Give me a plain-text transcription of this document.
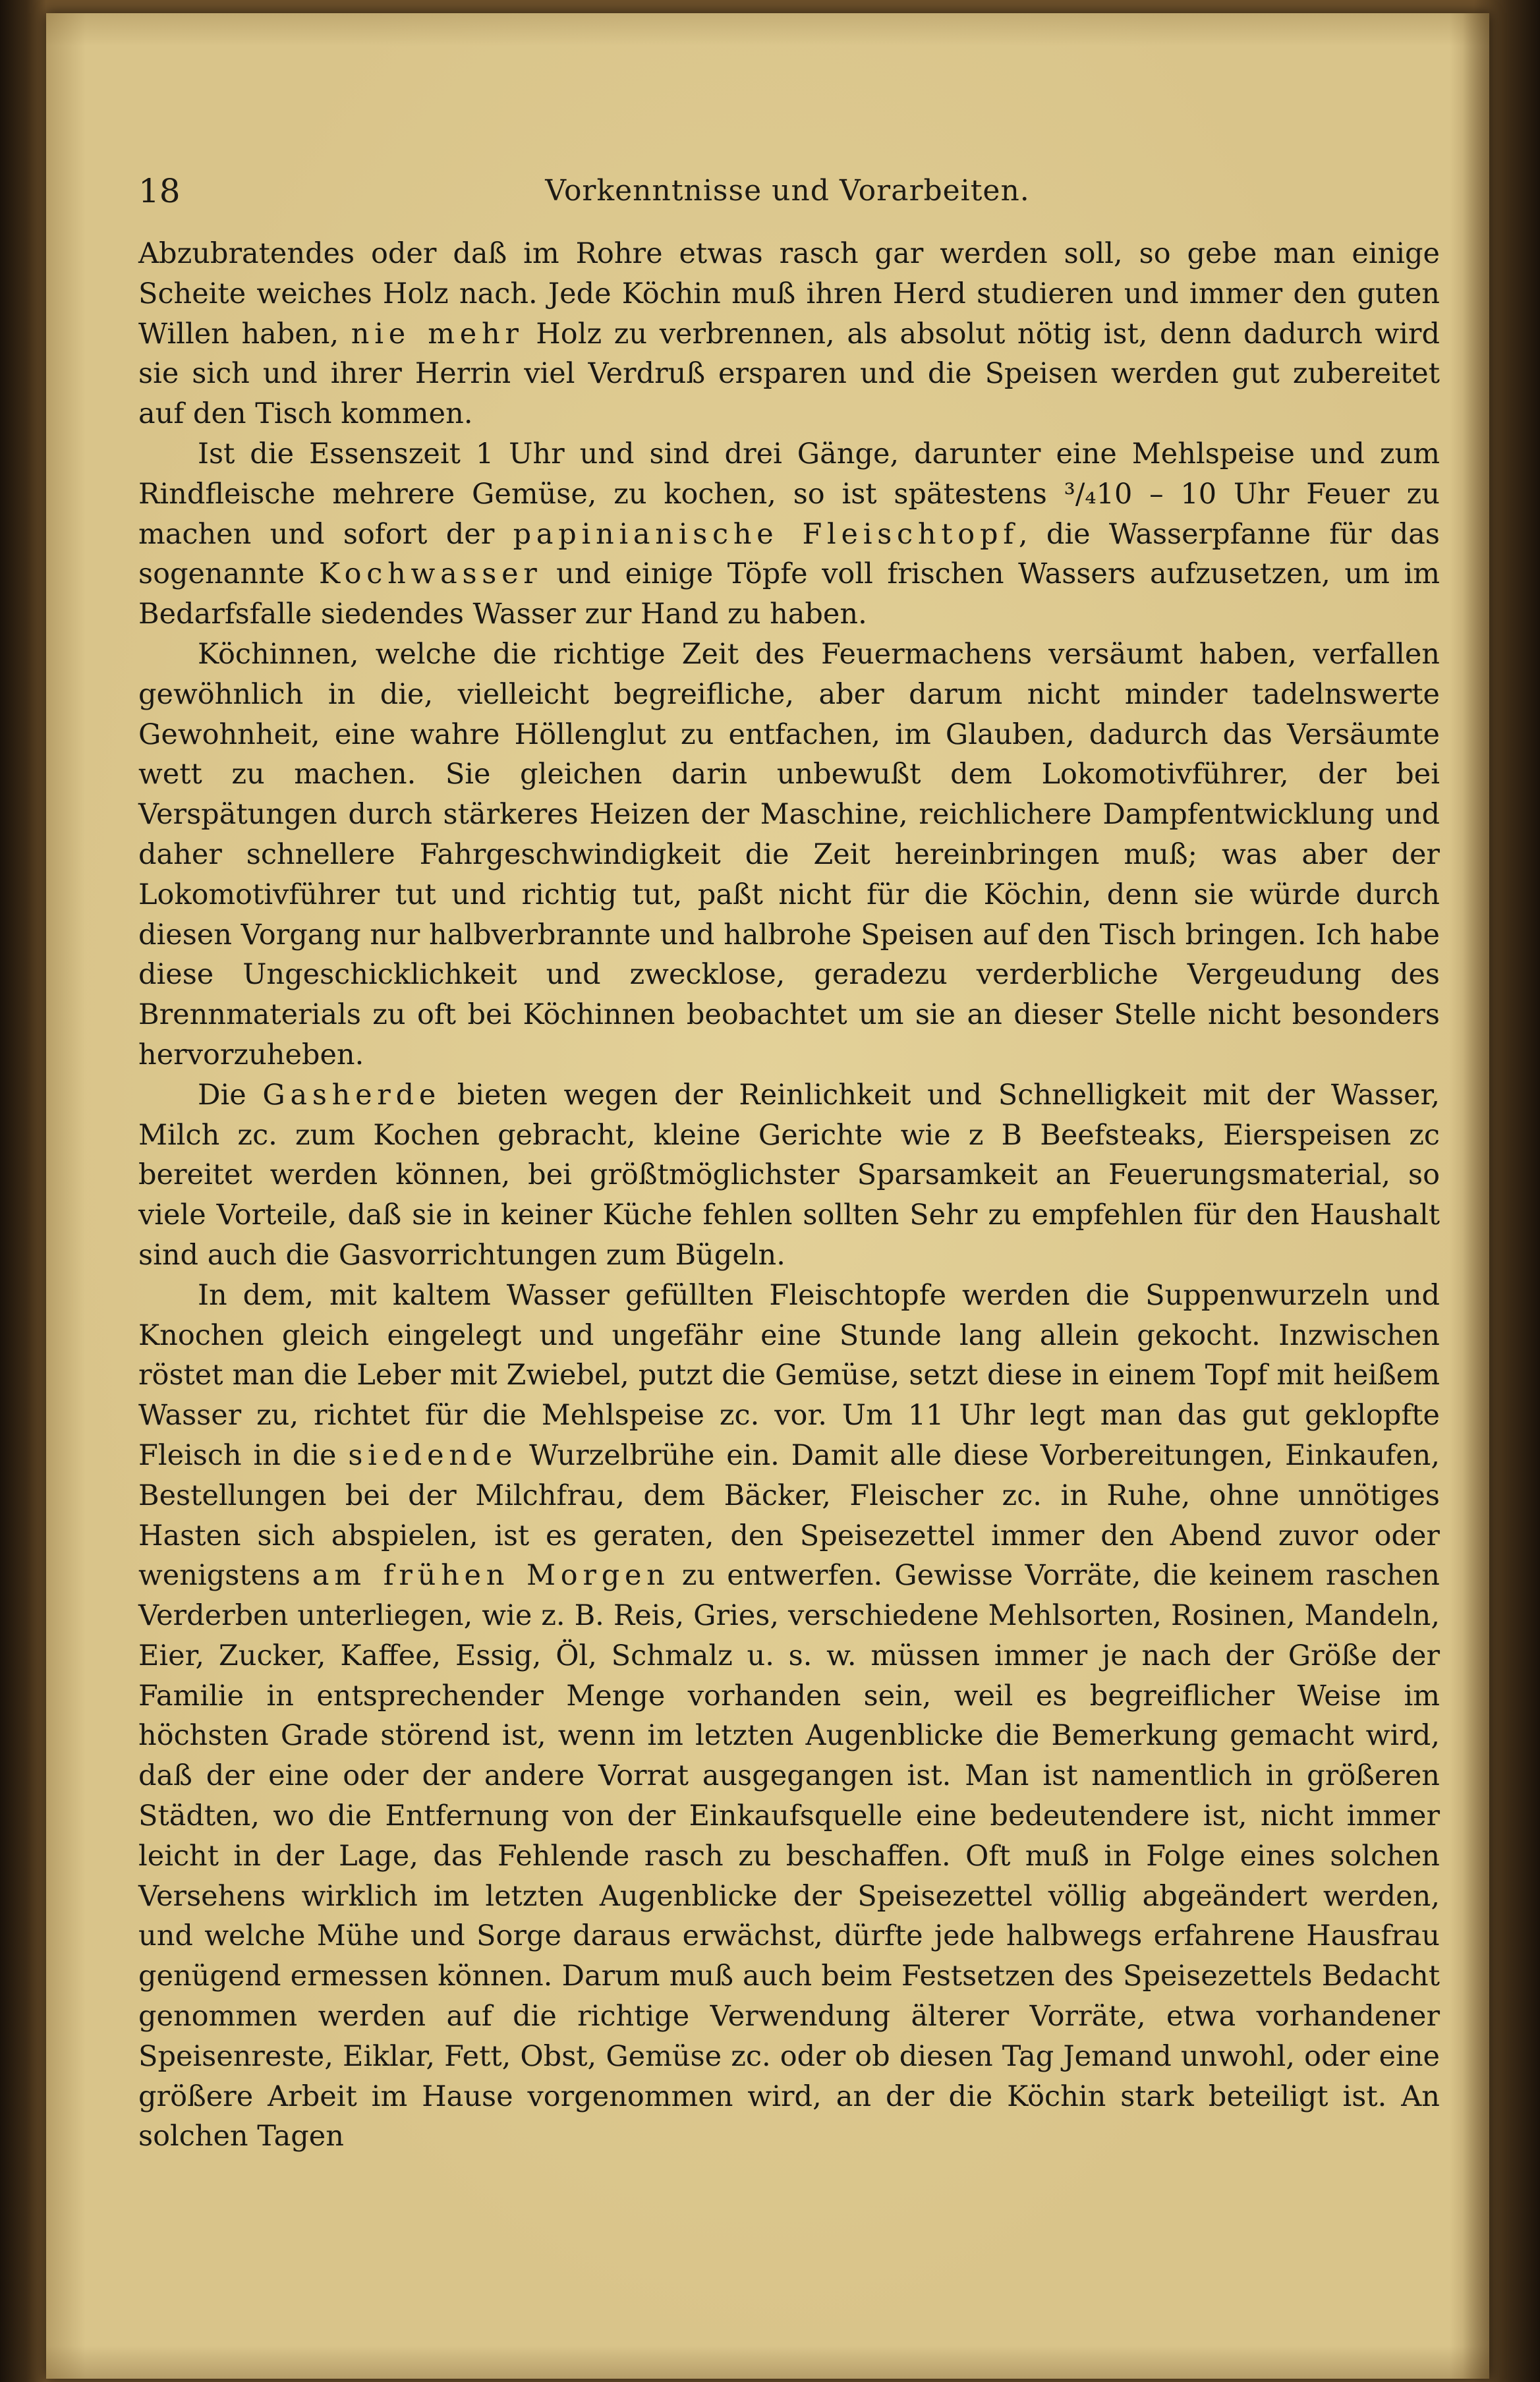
18	Vorkenntnisse und Vorarbeiten.

Abzubratendes oder daß im Rohre etwas rasch gar werden soll, so gebe man einige Scheite weiches Holz nach. Jede Köchin muß ihren Herd studieren und immer den guten Willen haben, nie mehr Holz zu verbrennen, als absolut nötig ist, denn dadurch wird sie sich und ihrer Herrin viel Verdruß ersparen und die Speisen werden gut zubereitet auf den Tisch kommen.

Ist die Essenszeit 1 Uhr und sind drei Gänge, darunter eine Mehlspeise und zum Rindfleische mehrere Gemüse, zu kochen, so ist spätestens ³/₄10 – 10 Uhr Feuer zu machen und sofort der papinianische Fleischtopf, die Wasserpfanne für das sogenannte Kochwasser und einige Töpfe voll frischen Wassers aufzusetzen, um im Bedarfsfalle siedendes Wasser zur Hand zu haben.

Köchinnen, welche die richtige Zeit des Feuermachens versäumt haben, verfallen gewöhnlich in die, vielleicht begreifliche, aber darum nicht minder tadelnswerte Gewohnheit, eine wahre Höllenglut zu entfachen, im Glauben, dadurch das Versäumte wett zu machen. Sie gleichen darin unbewußt dem Lokomotivführer, der bei Verspätungen durch stärkeres Heizen der Maschine, reichlichere Dampfentwicklung und daher schnellere Fahrgeschwindigkeit die Zeit hereinbringen muß; was aber der Lokomotivführer tut und richtig tut, paßt nicht für die Köchin, denn sie würde durch diesen Vorgang nur halbverbrannte und halbrohe Speisen auf den Tisch bringen. Ich habe diese Ungeschicklichkeit und zwecklose, geradezu verderbliche Vergeudung des Brennmaterials zu oft bei Köchinnen beobachtet um sie an dieser Stelle nicht besonders hervorzuheben.

Die Gasherde bieten wegen der Reinlichkeit und Schnelligkeit mit der Wasser, Milch zc. zum Kochen gebracht, kleine Gerichte wie z B Beefsteaks, Eierspeisen zc bereitet werden können, bei größtmöglichster Sparsamkeit an Feuerungsmaterial, so viele Vorteile, daß sie in keiner Küche fehlen sollten Sehr zu empfehlen für den Haushalt sind auch die Gasvorrichtungen zum Bügeln.

In dem, mit kaltem Wasser gefüllten Fleischtopfe werden die Suppenwurzeln und Knochen gleich eingelegt und ungefähr eine Stunde lang allein gekocht. Inzwischen röstet man die Leber mit Zwiebel, putzt die Gemüse, setzt diese in einem Topf mit heißem Wasser zu, richtet für die Mehlspeise zc. vor. Um 11 Uhr legt man das gut geklopfte Fleisch in die siedende Wurzelbrühe ein. Damit alle diese Vorbereitungen, Einkaufen, Bestellungen bei der Milchfrau, dem Bäcker, Fleischer zc. in Ruhe, ohne unnötiges Hasten sich abspielen, ist es geraten, den Speisezettel immer den Abend zuvor oder wenigstens am frühen Morgen zu entwerfen. Gewisse Vorräte, die keinem raschen Verderben unterliegen, wie z. B. Reis, Gries, verschiedene Mehlsorten, Rosinen, Mandeln, Eier, Zucker, Kaffee, Essig, Öl, Schmalz u. s. w. müssen immer je nach der Größe der Familie in entsprechender Menge vorhanden sein, weil es begreiflicher Weise im höchsten Grade störend ist, wenn im letzten Augenblicke die Bemerkung gemacht wird, daß der eine oder der andere Vorrat ausgegangen ist. Man ist namentlich in größeren Städten, wo die Entfernung von der Einkaufsquelle eine bedeutendere ist, nicht immer leicht in der Lage, das Fehlende rasch zu beschaffen. Oft muß in Folge eines solchen Versehens wirklich im letzten Augenblicke der Speisezettel völlig abgeändert werden, und welche Mühe und Sorge daraus erwächst, dürfte jede halbwegs erfahrene Hausfrau genügend ermessen können. Darum muß auch beim Festsetzen des Speisezettels Bedacht genommen werden auf die richtige Verwendung älterer Vorräte, etwa vorhandener Speisenreste, Eiklar, Fett, Obst, Gemüse zc. oder ob diesen Tag Jemand unwohl, oder eine größere Arbeit im Hause vorgenommen wird, an der die Köchin stark beteiligt ist. An solchen Tagen
